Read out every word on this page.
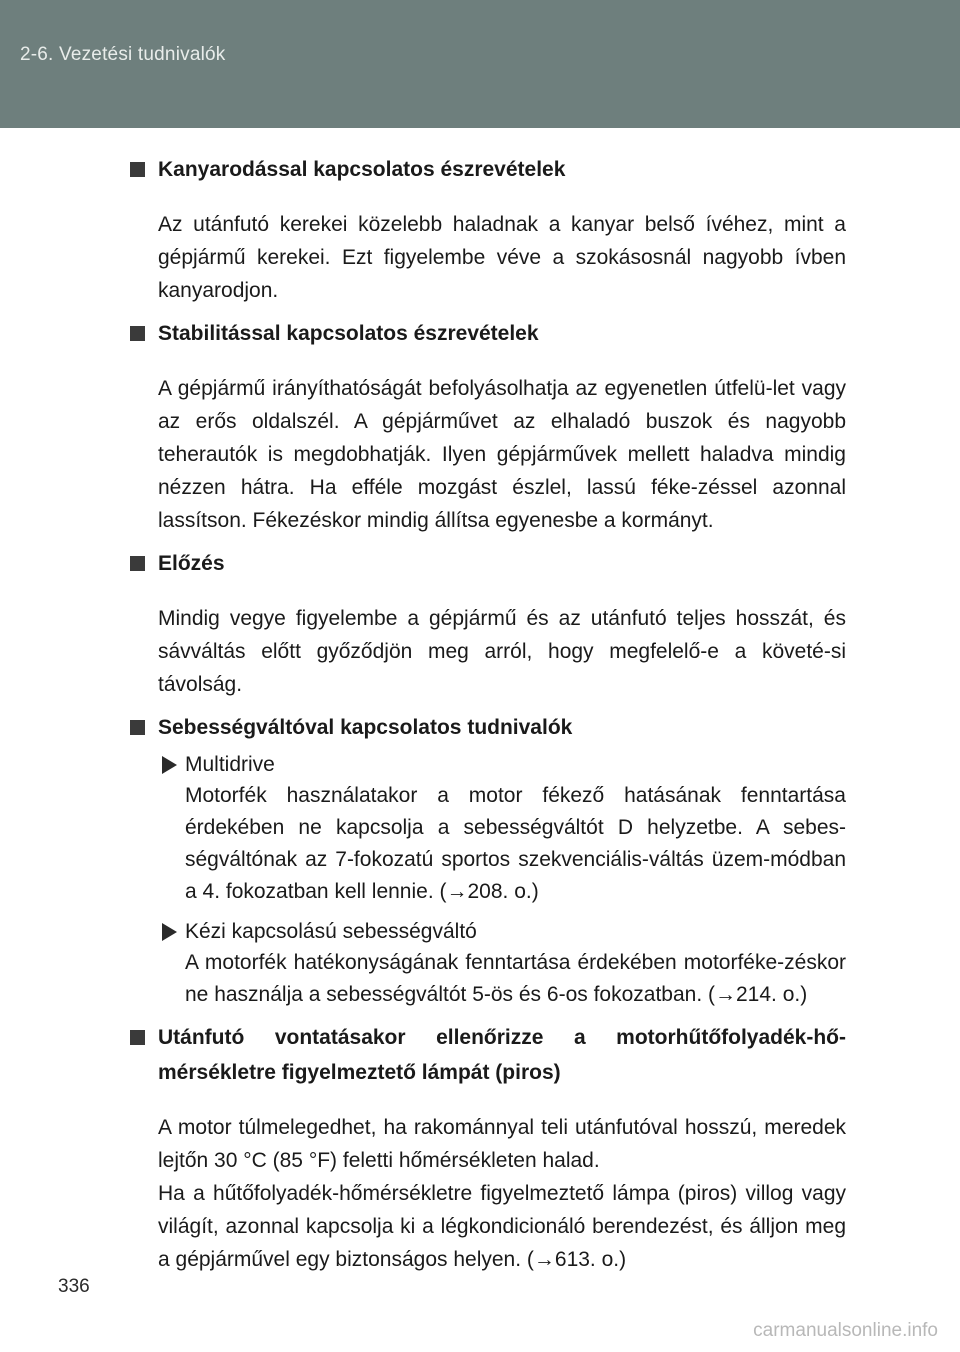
2-6. Vezetési tudnivalók
Kanyarodással kapcsolatos észrevételek

Az utánfutó kerekei közelebb haladnak a kanyar belső ívéhez, mint a gépjármű kerekei. Ezt figyelembe véve a szokásosnál nagyobb ívben kanyarodjon.

Stabilitással kapcsolatos észrevételek

A gépjármű irányíthatóságát befolyásolhatja az egyenetlen útfelü-let vagy az erős oldalszél. A gépjárművet az elhaladó buszok és nagyobb teherautók is megdobhatják. Ilyen gépjárművek mellett haladva mindig nézzen hátra. Ha efféle mozgást észlel, lassú féke-zéssel azonnal lassítson. Fékezéskor mindig állítsa egyenesbe a kormányt.

Előzés

Mindig vegye figyelembe a gépjármű és az utánfutó teljes hosszát, és sávváltás előtt győződjön meg arról, hogy megfelelő-e a követé-si távolság.

Sebességváltóval kapcsolatos tudnivalók
Multidrive
Motorfék használatakor a motor fékező hatásának fenntartása érdekében ne kapcsolja a sebességváltót D helyzetbe. A sebes-ségváltónak az 7-fokozatú sportos szekvenciális-váltás üzem-módban a 4. fokozatban kell lennie. (→208. o.)
Kézi kapcsolású sebességváltó
A motorfék hatékonyságának fenntartása érdekében motorféke-zéskor ne használja a sebességváltót 5-ös és 6-os fokozatban. (→214. o.)
Utánfutó vontatásakor ellenőrizze a motorhűtőfolyadék-hő-mérsékletre figyelmeztető lámpát (piros)

A motor túlmelegedhet, ha rakománnyal teli utánfutóval hosszú, meredek lejtőn 30 °C (85 °F) feletti hőmérsékleten halad.

Ha a hűtőfolyadék-hőmérsékletre figyelmeztető lámpa (piros) villog vagy világít, azonnal kapcsolja ki a légkondicionáló berendezést, és álljon meg a gépjárművel egy biztonságos helyen. (→613. o.)

336
carmanualsonline.info
